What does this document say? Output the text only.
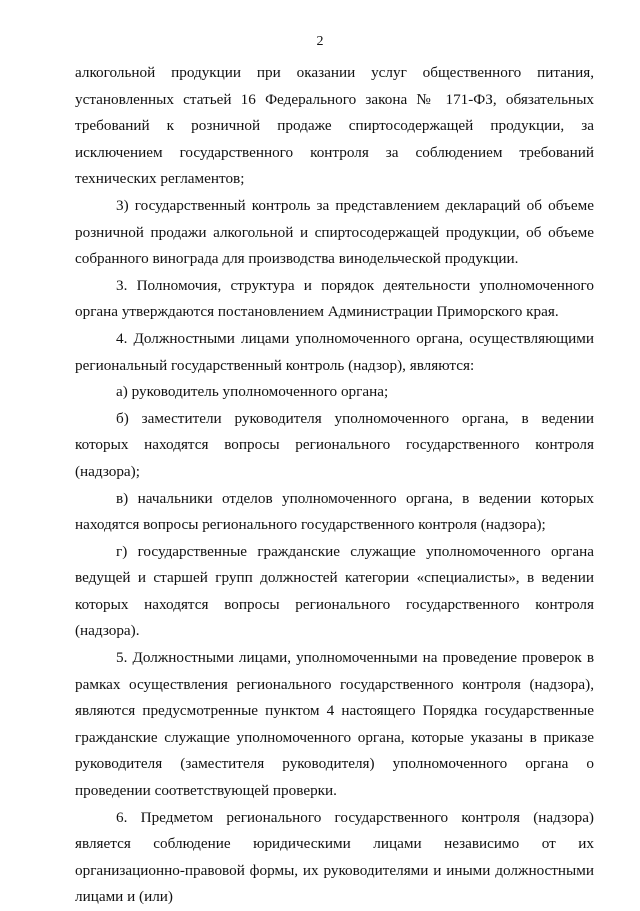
2

алкогольной продукции при оказании услуг общественного питания, установленных статьей 16 Федерального закона № 171-ФЗ, обязательных требований к розничной продаже спиртосодержащей продукции, за исключением государственного контроля за соблюдением требований технических регламентов;

3) государственный контроль за представлением деклараций об объеме розничной продажи алкогольной и спиртосодержащей продукции, об объеме собранного винограда для производства винодельческой продукции.

3. Полномочия, структура и порядок деятельности уполномоченного органа утверждаются постановлением Администрации Приморского края.

4. Должностными лицами уполномоченного органа, осуществляющими региональный государственный контроль (надзор), являются:

а) руководитель уполномоченного органа;

б) заместители руководителя уполномоченного органа, в ведении которых находятся вопросы регионального государственного контроля (надзора);

в) начальники отделов уполномоченного органа, в ведении которых находятся вопросы регионального государственного контроля (надзора);

г) государственные гражданские служащие уполномоченного органа ведущей и старшей групп должностей категории «специалисты», в ведении которых находятся вопросы регионального государственного контроля (надзора).

5. Должностными лицами, уполномоченными на проведение проверок в рамках осуществления регионального государственного контроля (надзора), являются предусмотренные пунктом 4 настоящего Порядка государственные гражданские служащие уполномоченного органа, которые указаны в приказе руководителя (заместителя руководителя) уполномоченного органа о проведении соответствующей проверки.

6. Предметом регионального государственного контроля (надзора) является соблюдение юридическими лицами независимо от их организационно-правовой формы, их руководителями и иными должностными лицами и (или)
